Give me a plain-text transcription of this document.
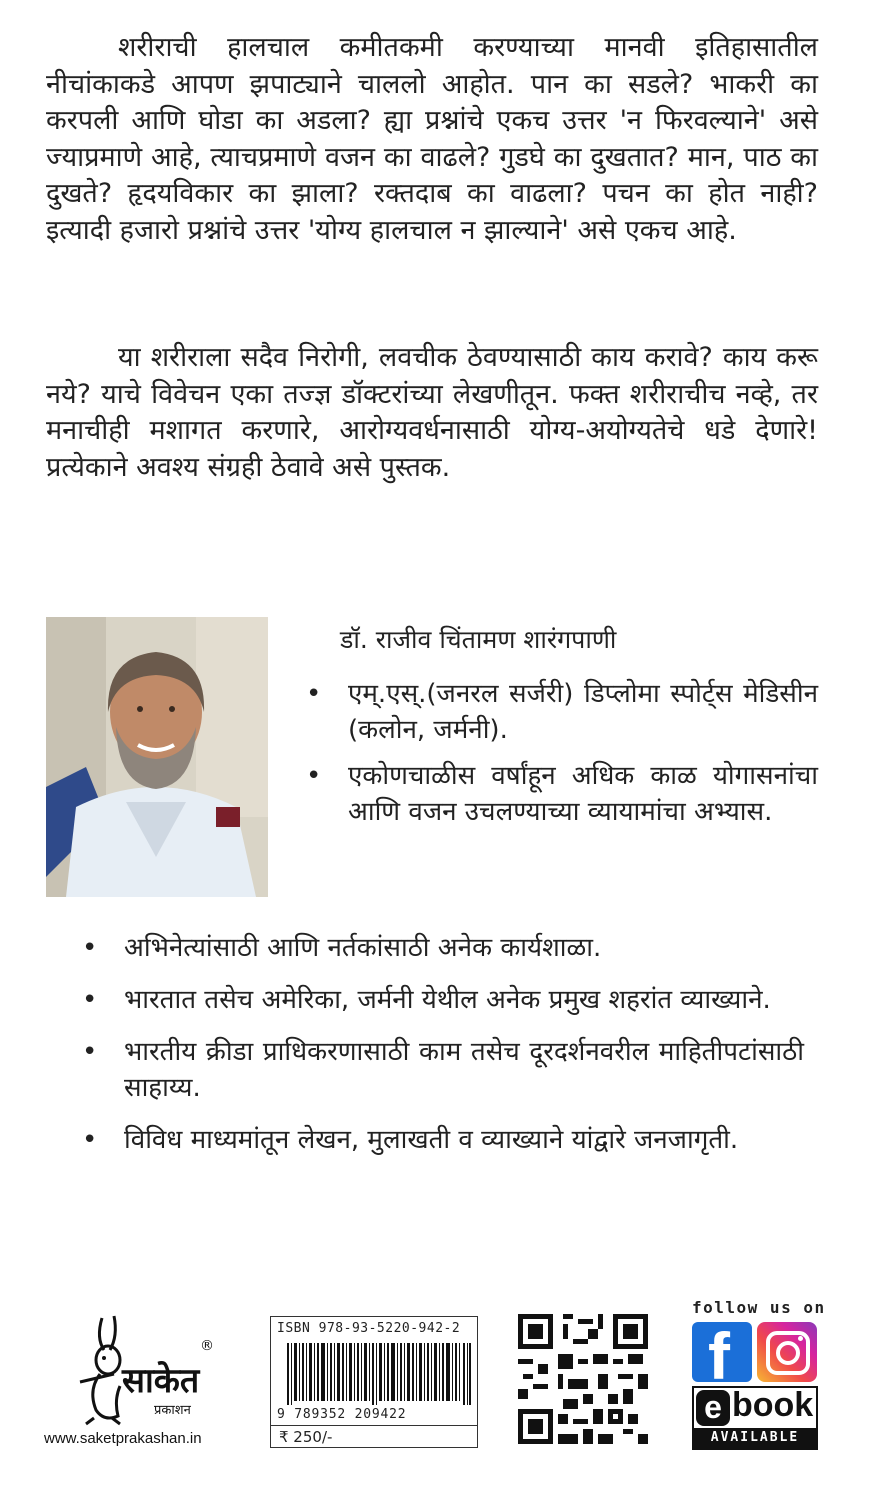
शरीराची हालचाल कमीतकमी करण्याच्या मानवी इतिहासातील नीचांकाकडे आपण झपाट्याने चाललो आहोत. पान का सडले? भाकरी का करपली आणि घोडा का अडला? ह्या प्रश्नांचे एकच उत्तर 'न फिरवल्याने' असे ज्याप्रमाणे आहे, त्याचप्रमाणे वजन का वाढले? गुडघे का दुखतात? मान, पाठ का दुखते? हृदयविकार का झाला? रक्तदाब का वाढला? पचन का होत नाही? इत्यादी हजारो प्रश्नांचे उत्तर 'योग्य हालचाल न झाल्याने' असे एकच आहे.

या शरीराला सदैव निरोगी, लवचीक ठेवण्यासाठी काय करावे? काय करू नये? याचे विवेचन एका तज्ज्ञ डॉक्टरांच्या लेखणीतून. फक्त शरीराचीच नव्हे, तर मनाचीही मशागत करणारे, आरोग्यवर्धनासाठी योग्य-अयोग्यतेचे धडे देणारे! प्रत्येकाने अवश्य संग्रही ठेवावे असे पुस्तक.

डॉ. राजीव चिंतामण शारंगपाणी

• एम्.एस्.(जनरल सर्जरी) डिप्लोमा स्पोर्ट्स मेडिसीन (कलोन, जर्मनी).
• एकोणचाळीस वर्षांहून अधिक काळ योगासनांचा आणि वजन उचलण्याच्या व्यायामांचा अभ्यास.
• अभिनेत्यांसाठी आणि नर्तकांसाठी अनेक कार्यशाळा.
• भारतात तसेच अमेरिका, जर्मनी येथील अनेक प्रमुख शहरांत व्याख्याने.
• भारतीय क्रीडा प्राधिकरणासाठी काम तसेच दूरदर्शनवरील माहितीपटांसाठी साहाय्य.
• विविध माध्यमांतून लेखन, मुलाखती व व्याख्याने यांद्वारे जनजागृती.
साकेत
प्रकाशन
®
www.saketprakashan.in
ISBN 978-93-5220-942-2
9 789352 209422
₹ 250/-
follow us on
f
e book
AVAILABLE
